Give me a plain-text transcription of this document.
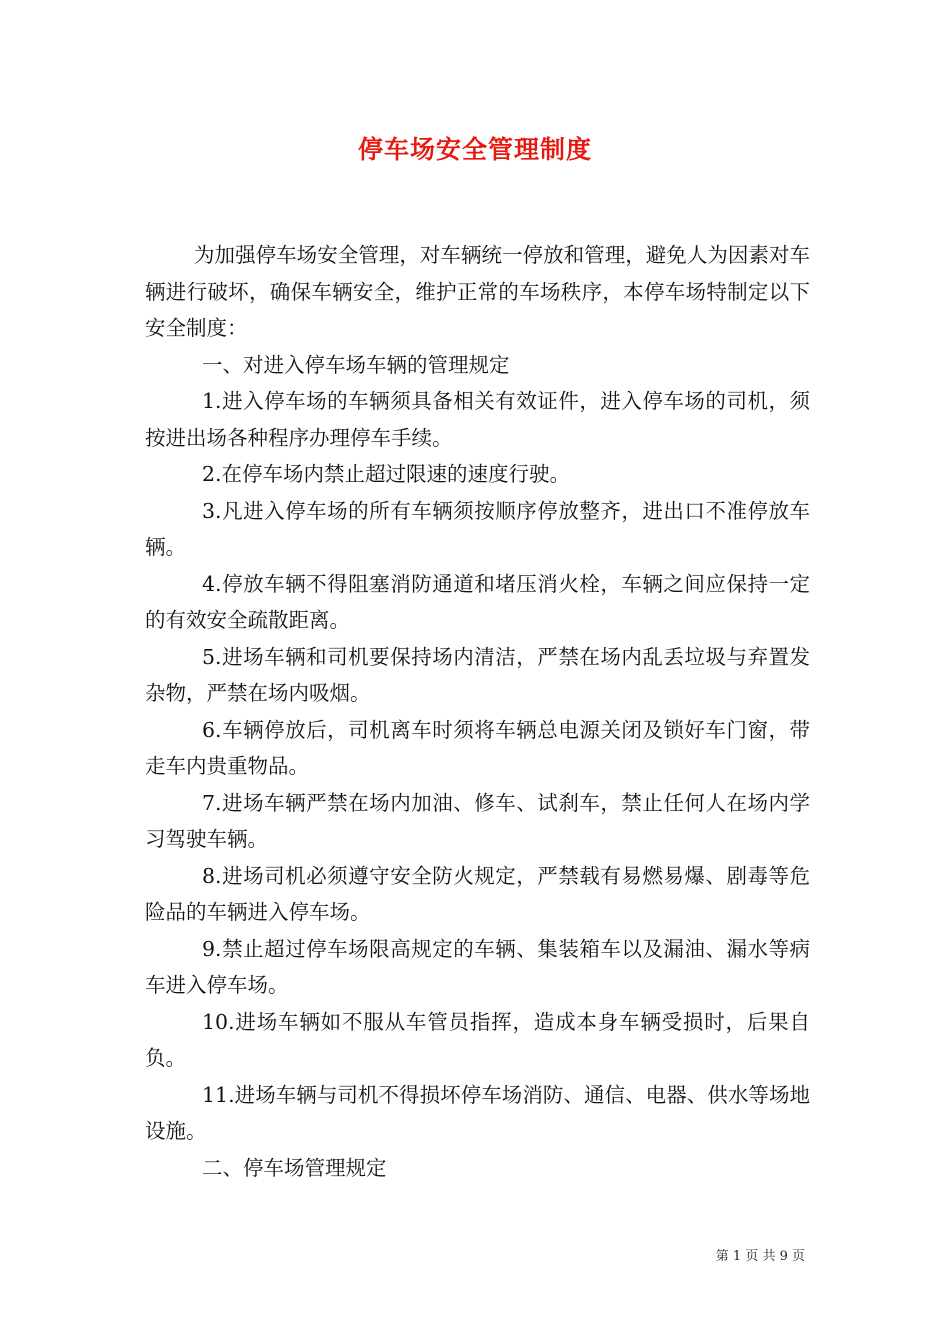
停车场安全管理制度

为加强停车场安全管理，对车辆统一停放和管理，避免人为因素对车辆进行破坏，确保车辆安全，维护正常的车场秩序，本停车场特制定以下安全制度：

一、对进入停车场车辆的管理规定

1.进入停车场的车辆须具备相关有效证件，进入停车场的司机，须按进出场各种程序办理停车手续。

2.在停车场内禁止超过限速的速度行驶。

3.凡进入停车场的所有车辆须按顺序停放整齐，进出口不准停放车辆。

4.停放车辆不得阻塞消防通道和堵压消火栓，车辆之间应保持一定的有效安全疏散距离。

5.进场车辆和司机要保持场内清洁，严禁在场内乱丢垃圾与弃置发杂物，严禁在场内吸烟。

6.车辆停放后，司机离车时须将车辆总电源关闭及锁好车门窗，带走车内贵重物品。

7.进场车辆严禁在场内加油、修车、试刹车，禁止任何人在场内学习驾驶车辆。

8.进场司机必须遵守安全防火规定，严禁载有易燃易爆、剧毒等危险品的车辆进入停车场。

9.禁止超过停车场限高规定的车辆、集装箱车以及漏油、漏水等病车进入停车场。

10.进场车辆如不服从车管员指挥，造成本身车辆受损时，后果自负。

11.进场车辆与司机不得损坏停车场消防、通信、电器、供水等场地设施。

二、停车场管理规定

第 1 页 共 9 页
